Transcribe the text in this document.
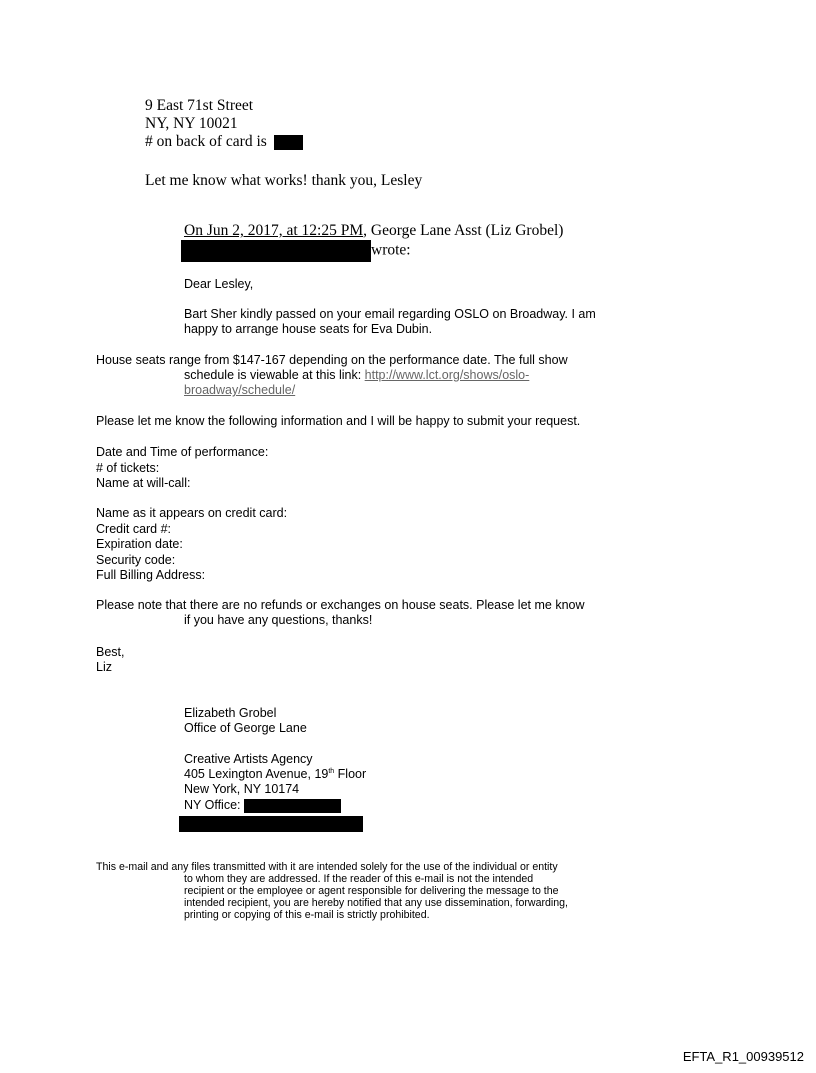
9 East 71st Street
NY, NY 10021
# on back of card is
Let me know what works! thank you, Lesley
On Jun 2, 2017, at 12:25 PM, George Lane Asst (Liz Grobel)
wrote:
Dear Lesley,
Bart Sher kindly passed on your email regarding OSLO on Broadway. I am
happy to arrange house seats for Eva Dubin.
House seats range from $147-167 depending on the performance date. The full show
schedule is viewable at this link: http://www.lct.org/shows/oslo-
broadway/schedule/
Please let me know the following information and I will be happy to submit your request.
Date and Time of performance:
# of tickets:
Name at will-call:
Name as it appears on credit card:
Credit card #:
Expiration date:
Security code:
Full Billing Address:
Please note that there are no refunds or exchanges on house seats. Please let me know
if you have any questions, thanks!
Best,
Liz
Elizabeth Grobel
Office of George Lane
Creative Artists Agency
405 Lexington Avenue, 19th Floor
New York, NY 10174
NY Office:
This e-mail and any files transmitted with it are intended solely for the use of the individual or entity
to whom they are addressed. If the reader of this e-mail is not the intended
recipient or the employee or agent responsible for delivering the message to the
intended recipient, you are hereby notified that any use dissemination, forwarding,
printing or copying of this e-mail is strictly prohibited.
EFTA_R1_00939512
